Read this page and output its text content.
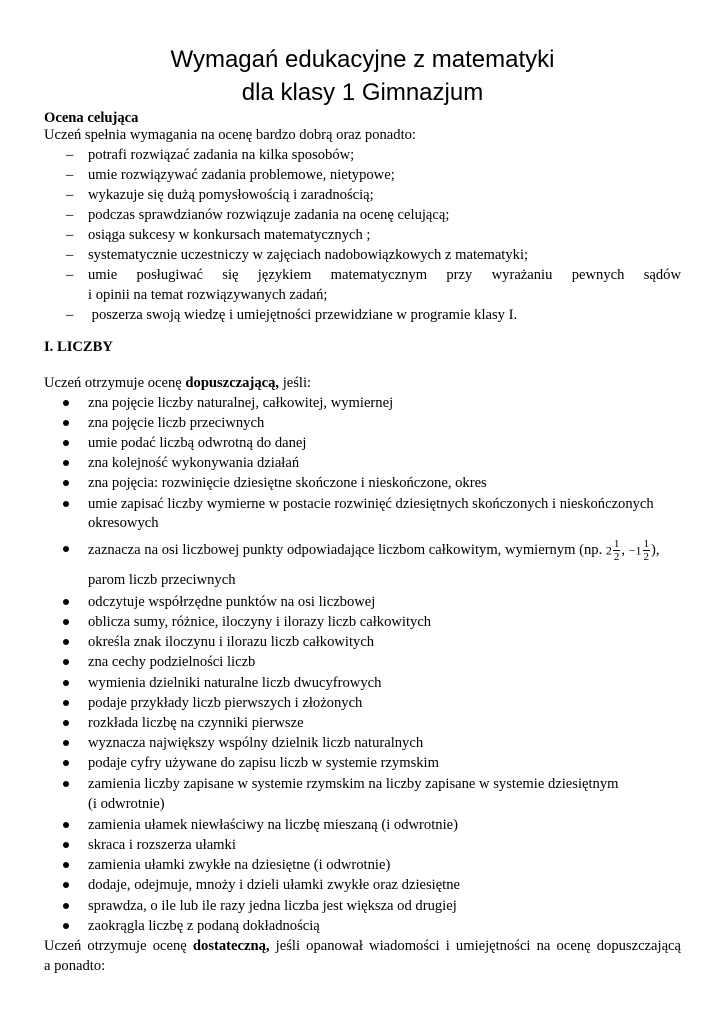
Wymagań edukacyjne z matematyki
dla klasy 1 Gimnazjum
Ocena celująca
Uczeń spełnia wymagania na ocenę bardzo dobrą oraz ponadto:
– potrafi rozwiązać zadania na kilka sposobów;
– umie rozwiązywać zadania problemowe, nietypowe;
– wykazuje się dużą pomysłowością i zaradnością;
– podczas sprawdzianów rozwiązuje zadania na ocenę celującą;
– osiąga sukcesy w konkursach matematycznych ;
– systematycznie uczestniczy w zajęciach nadobowiązkowych z matematyki;
– umie posługiwać się językiem matematycznym przy wyrażaniu pewnych sądów
i opinii na temat rozwiązywanych zadań;
– poszerza swoją wiedzę i umiejętności przewidziane w programie klasy I.
I. LICZBY
Uczeń otrzymuje ocenę dopuszczającą, jeśli:
zna pojęcie liczby naturalnej, całkowitej, wymiernej
zna pojęcie liczb przeciwnych
umie podać liczbą odwrotną do danej
zna kolejność wykonywania działań
zna pojęcia: rozwinięcie dziesiętne skończone i nieskończone, okres
umie zapisać liczby wymierne w postacie rozwinięć dziesiętnych skończonych i nieskończonych
okresowych
zaznacza na osi liczbowej punkty odpowiadające liczbom całkowitym, wymiernym (np. $2 \frac{1}{2}$ , $-1 \frac{1}{2}$ ),
parom liczb przeciwnych
odczytuje współrzędne punktów na osi liczbowej
oblicza sumy, różnice, iloczyny i ilorazy liczb całkowitych
określa znak iloczynu i ilorazu liczb całkowitych
zna cechy podzielności liczb
wymienia dzielniki naturalne liczb dwucyfrowych
podaje przykłady liczb pierwszych i złożonych
rozkłada liczbę na czynniki pierwsze
wyznacza największy wspólny dzielnik liczb naturalnych
podaje cyfry używane do zapisu liczb w systemie rzymskim
zamienia liczby zapisane w systemie rzymskim na liczby zapisane w systemie dziesiętnym
(i odwrotnie)
zamienia ułamek niewłaściwy na liczbę mieszaną (i odwrotnie)
skraca i rozszerza ułamki
zamienia ułamki zwykłe na dziesiętne (i odwrotnie)
dodaje, odejmuje, mnoży i dzieli ułamki zwykłe oraz dziesiętne
sprawdza, o ile lub ile razy jedna liczba jest większa od drugiej
zaokrągla liczbę z podaną dokładnością
Uczeń otrzymuje ocenę dostateczną, jeśli opanował wiadomości i umiejętności na ocenę dopuszczającą
a ponadto:
